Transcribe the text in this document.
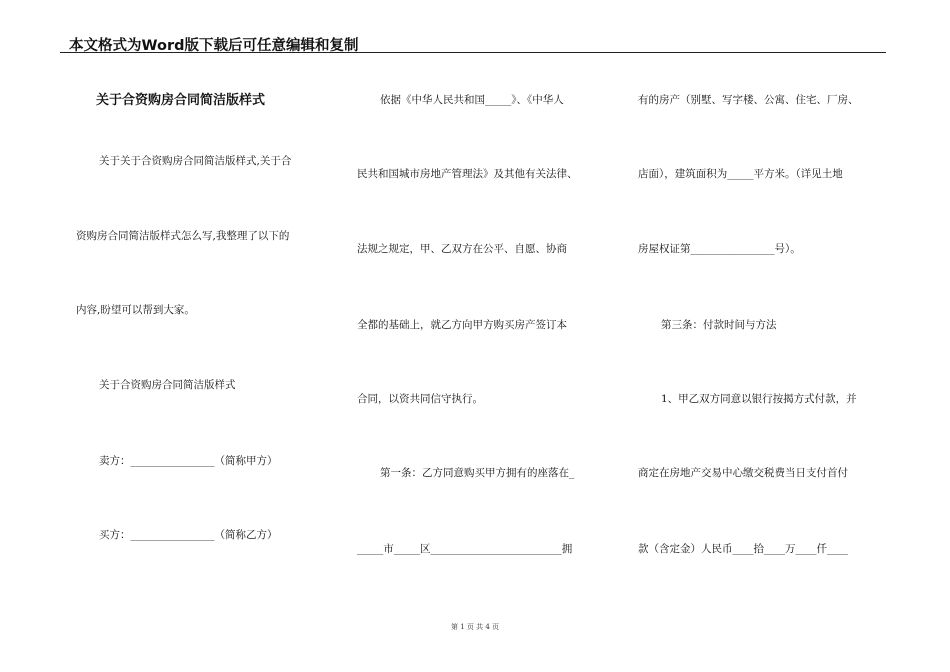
本文格式为Word版下载后可任意编辑和复制
关于合资购房合同简洁版样式
关于关于合资购房合同简洁版样式,关于合
资购房合同简洁版样式怎么写,我整理了以下的
内容,盼望可以帮到大家。
关于合资购房合同简洁版样式
卖方：________________（简称甲方）
买方：________________（简称乙方）
依据《中华人民共和国_____》、《中华人
民共和国城市房地产管理法》及其他有关法律、
法规之规定，甲、乙双方在公平、自愿、协商
全都的基础上，就乙方向甲方购买房产签订本
合同，以资共同信守执行。
第一条：乙方同意购买甲方拥有的座落在_
_____市_____区_________________________拥
有的房产（别墅、写字楼、公寓、住宅、厂房、
店面），建筑面积为_____平方米。（详见土地
房屋权证第________________号）。
第三条：付款时间与方法
1、甲乙双方同意以银行按揭方式付款，并
商定在房地产交易中心缴交税费当日支付首付
款（含定金）人民币____拾____万____仟____
第 1 页 共 4 页
